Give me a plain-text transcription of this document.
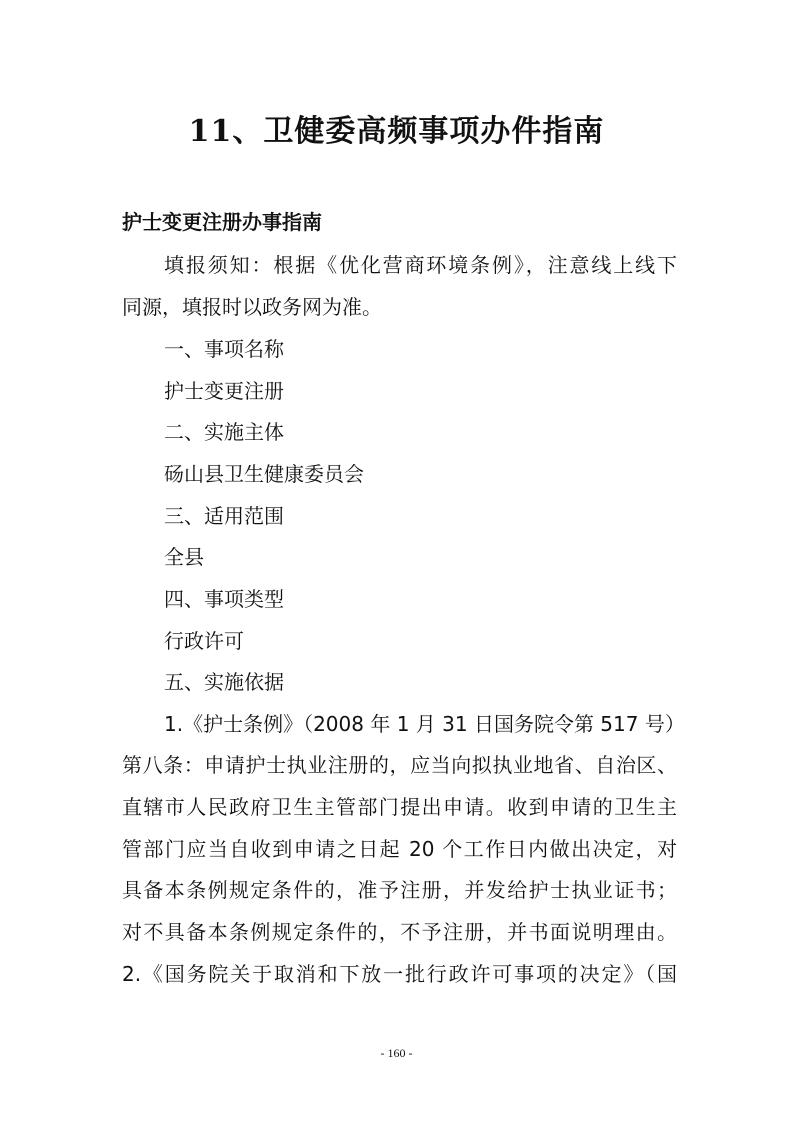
11、卫健委高频事项办件指南
护士变更注册办事指南
填报须知：根据《优化营商环境条例》，注意线上线下
同源，填报时以政务网为准。
一、事项名称
护士变更注册
二、实施主体
砀山县卫生健康委员会
三、适用范围
全县
四、事项类型
行政许可
五、实施依据
1.《护士条例》（2008 年 1 月 31 日国务院令第 517 号）
第八条：申请护士执业注册的，应当向拟执业地省、自治区、
直辖市人民政府卫生主管部门提出申请。收到申请的卫生主
管部门应当自收到申请之日起 20 个工作日内做出决定，对
具备本条例规定条件的，准予注册，并发给护士执业证书；
对不具备本条例规定条件的，不予注册，并书面说明理由。
2.《国务院关于取消和下放一批行政许可事项的决定》（国
- 160 -
